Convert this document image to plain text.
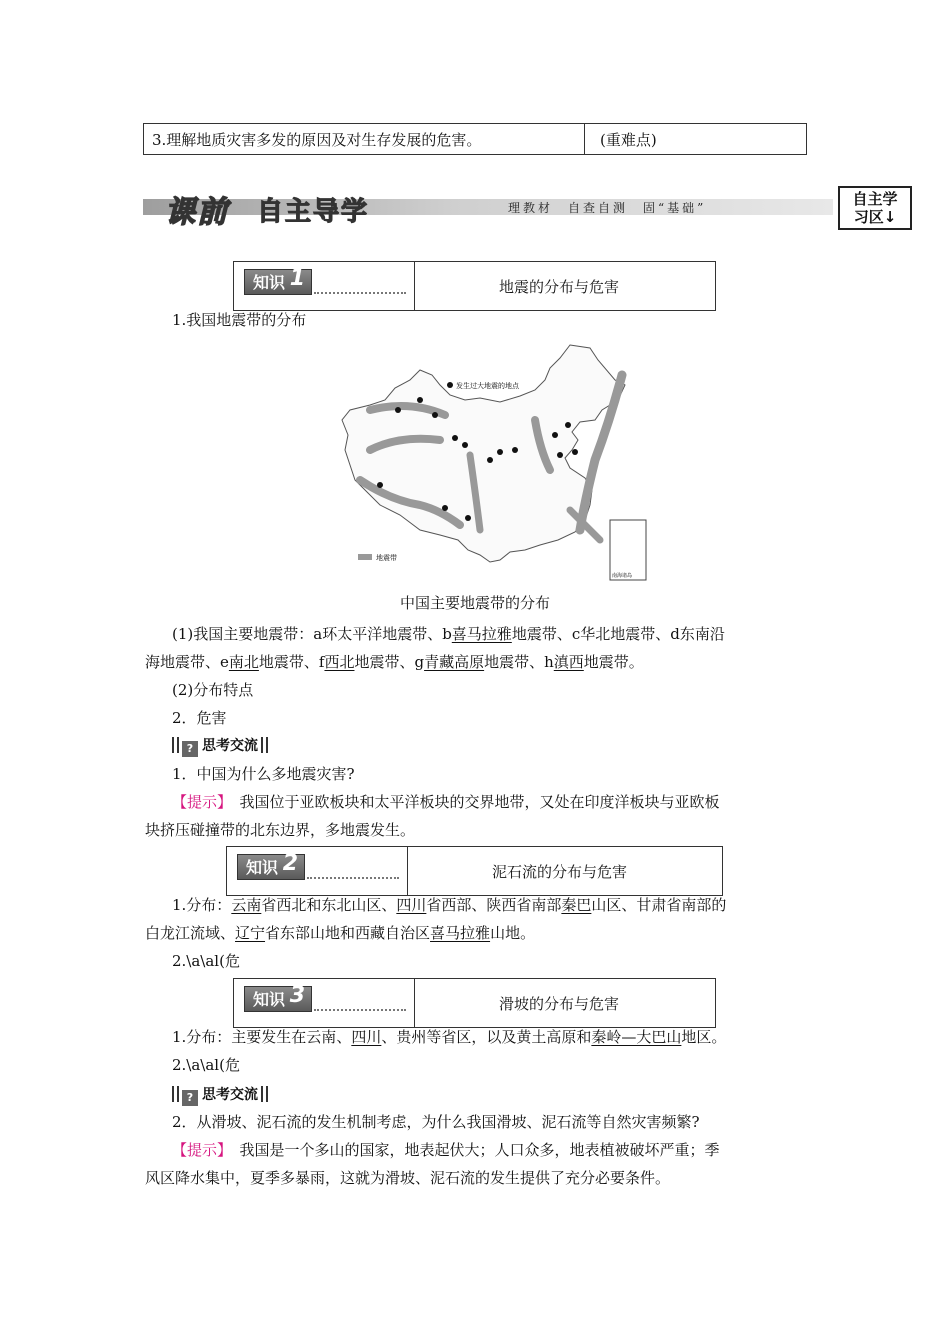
3.理解地质灾害多发的原因及对生存发展的危害。	(重难点)
课前 自主导学	理教材　自查自测　固“基础”	自主学
习区↓
知识 1	地震的分布与危害
1.我国地震带的分布
发生过大地震的地点
地震带
南海诸岛
中国主要地震带的分布
(1)我国主要地震带：a环太平洋地震带、b喜马拉雅地震带、c华北地震带、d东南沿
海地震带、e南北地震带、f西北地震带、g青藏高原地震带、h滇西地震带。
(2)分布特点
2．危害
? 思考交流
1．中国为什么多地震灾害?
【提示】　我国位于亚欧板块和太平洋板块的交界地带，又处在印度洋板块与亚欧板
块挤压碰撞带的北东边界，多地震发生。
知识 2	泥石流的分布与危害
1.分布：云南省西北和东北山区、四川省西部、陕西省南部秦巴山区、甘肃省南部的
白龙江流域、辽宁省东部山地和西藏自治区喜马拉雅山地。
2.\a\al(危
知识 3	滑坡的分布与危害
1.分布：主要发生在云南、四川、贵州等省区，以及黄土高原和秦岭—大巴山地区。
2.\a\al(危
? 思考交流
2．从滑坡、泥石流的发生机制考虑，为什么我国滑坡、泥石流等自然灾害频繁?
【提示】　我国是一个多山的国家，地表起伏大；人口众多，地表植被破坏严重；季
风区降水集中，夏季多暴雨，这就为滑坡、泥石流的发生提供了充分必要条件。
